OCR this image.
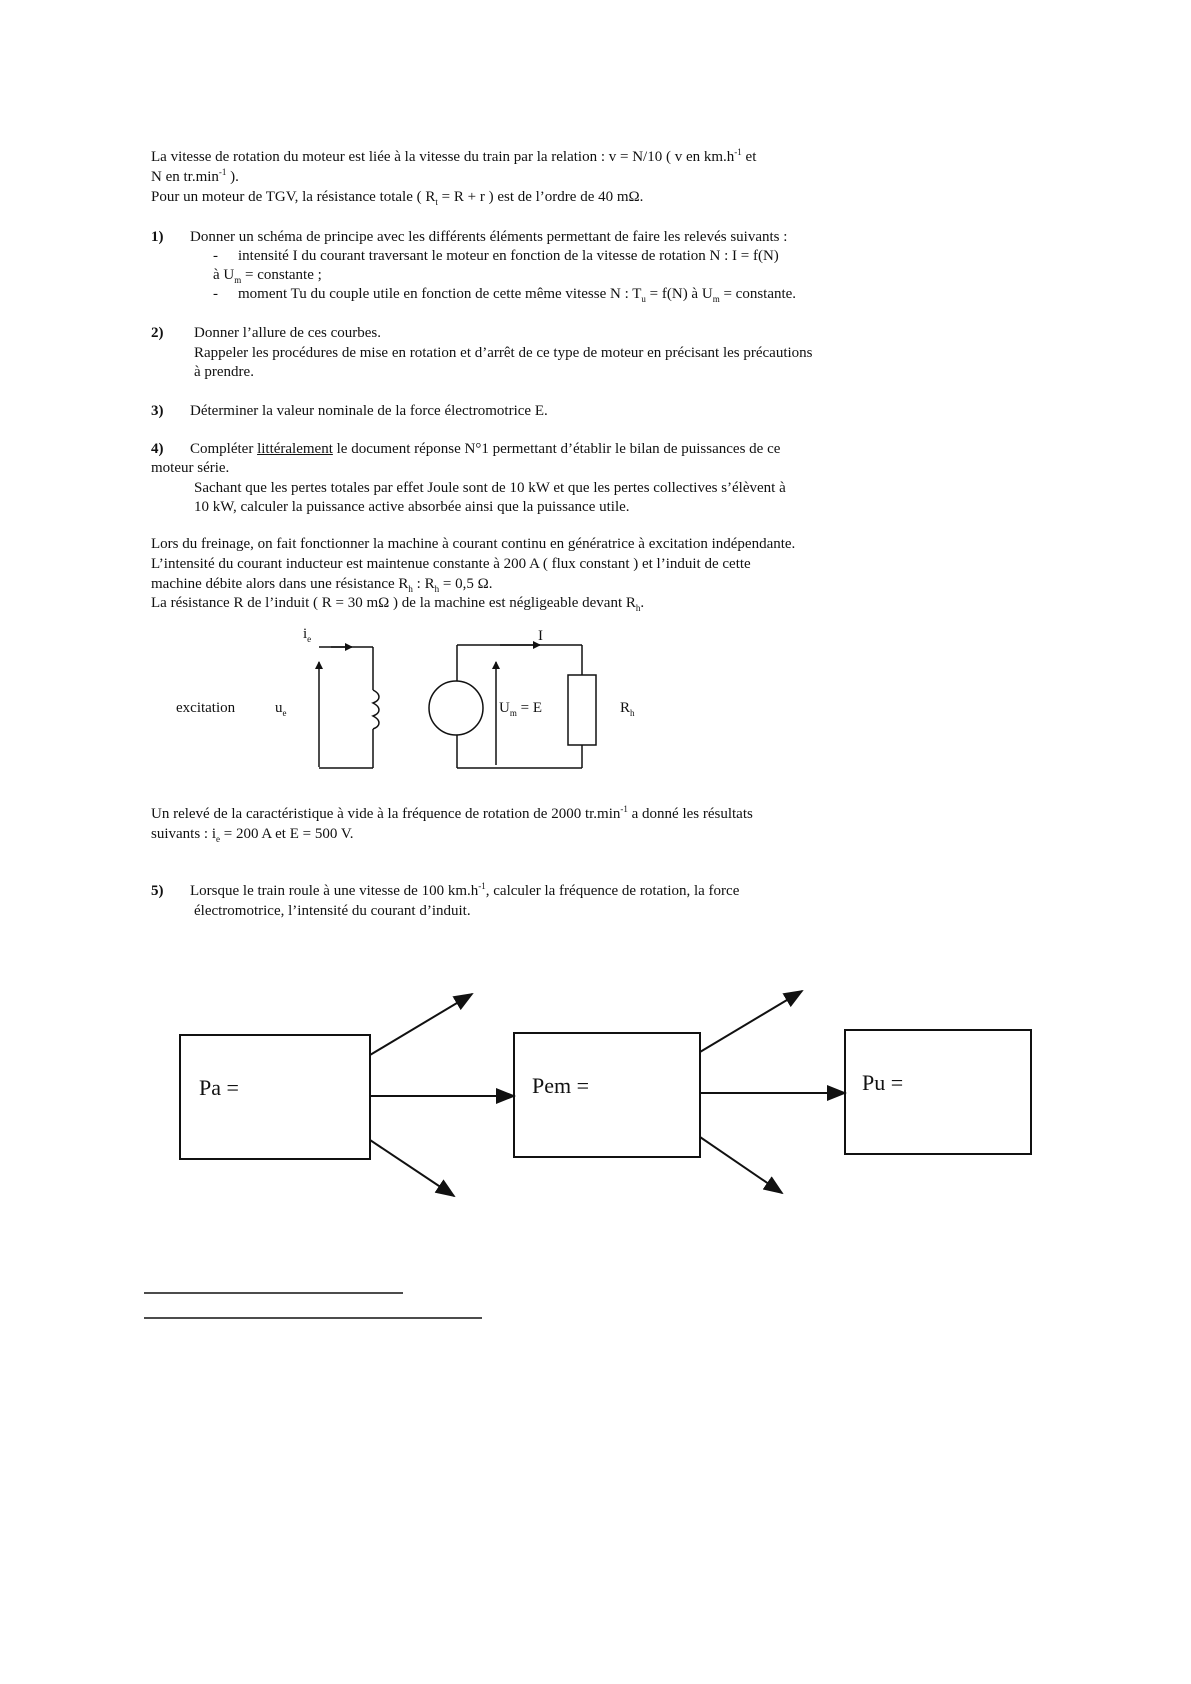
La vitesse de rotation du moteur est liée à la vitesse du train par la relation : v = N/10 ( v en $km.h^{-1}$ et
N en $tr.\min^{-1}$ ).
Pour un moteur de TGV, la résistance totale ( $R_t = R + r$ ) est de l’ordre de 40 mΩ.
1) Donner un schéma de principe avec les différents éléments permettant de faire les relevés suivants :
- intensité I du courant traversant le moteur en fonction de la vitesse de rotation N : I = f(N)
à $U_m$ = constante ;
- moment Tu du couple utile en fonction de cette même vitesse N : $T_u = f(N)$ à $U_m$ = constante.
2) Donner l’allure de ces courbes.
Rappeler les procédures de mise en rotation et d’arrêt de ce type de moteur en précisant les précautions
à prendre.
3) Déterminer la valeur nominale de la force électromotrice E.
4) Compléter littéralement le document réponse N°1 permettant d’établir le bilan de puissances de ce
moteur série.
Sachant que les pertes totales par effet Joule sont de 10 kW et que les pertes collectives s’élèvent à
10 kW, calculer la puissance active absorbée ainsi que la puissance utile.
Lors du freinage, on fait fonctionner la machine à courant continu en génératrice à excitation indépendante.
L’intensité du courant inducteur est maintenue constante à 200 A ( flux constant ) et l’induit de cette
machine débite alors dans une résistance $R_h$ : $R_h = 0,5$ Ω.
La résistance R de l’induit ( R = 30 mΩ ) de la machine est négligeable devant $R_h$.
excitation	$u_e$
$i_e$	I
$U_m = E$	$R_h$
Un relevé de la caractéristique à vide à la fréquence de rotation de 2000 $tr.\min^{-1}$ a donné les résultats
suivants : $i_e = 200$ A et E = 500 V.
5) Lorsque le train roule à une vitesse de 100 $km.h^{-1}$, calculer la fréquence de rotation, la force
électromotrice, l’intensité du courant d’induit.
Pa =	Pem =	Pu =
